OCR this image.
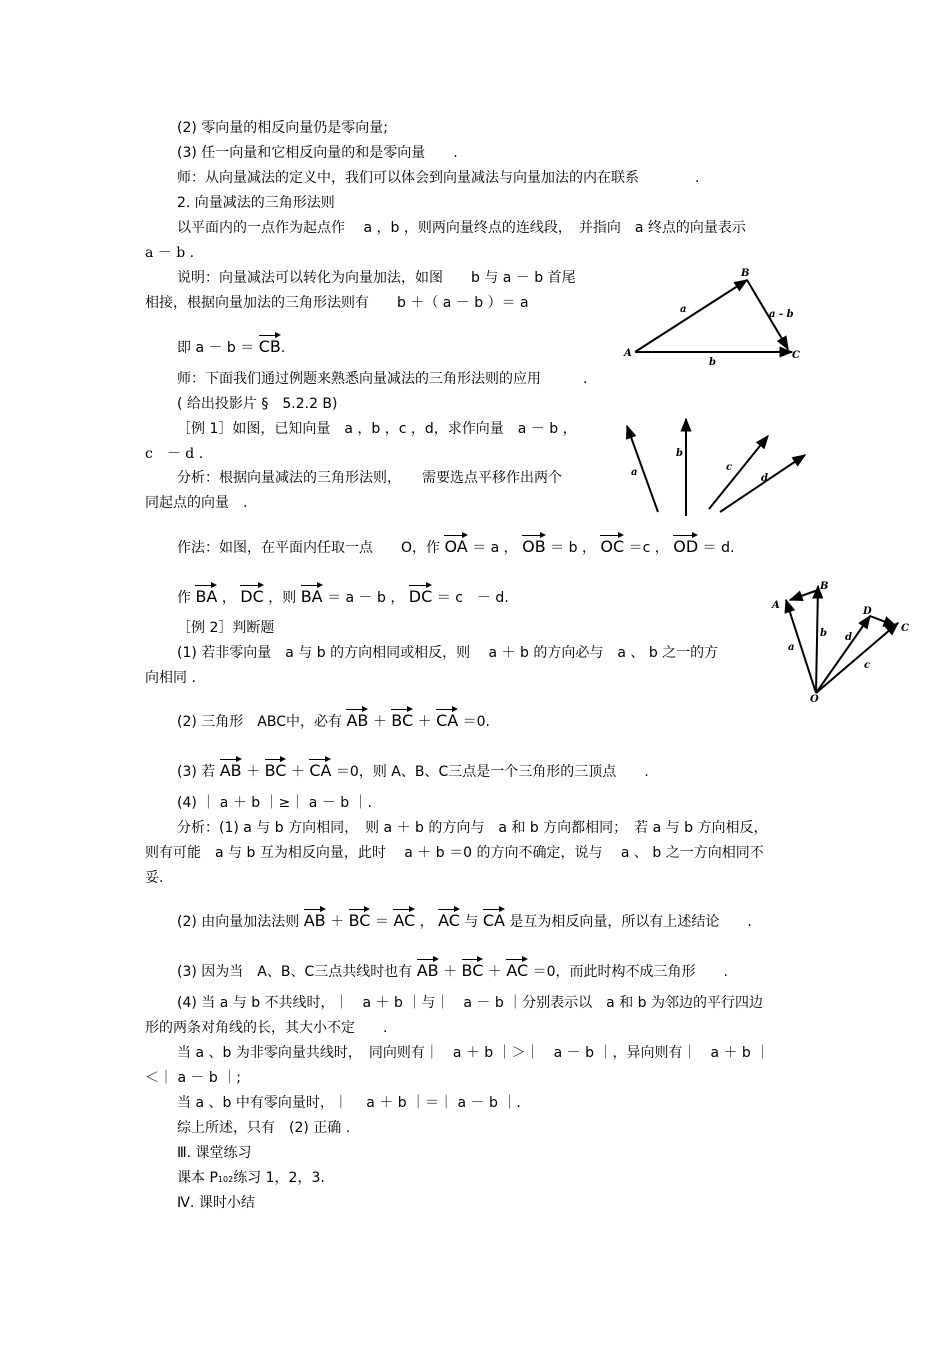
(2) 零向量的相反向量仍是零向量;
(3) 任一向量和它相反向量的和是零向量　　.
师：从向量减法的定义中，我们可以体会到向量减法与向量加法的内在联系　　　　.
2. 向量减法的三角形法则
以平面内的一点作为起点作　 a ，b ，则两向量终点的连线段，　并指向　a 终点的向量表示
a － b .
说明：向量减法可以转化为向量加法，如图　　b 与 a － b 首尾
相接，根据向量加法的三角形法则有　　b ＋（ a － b ）＝ a
即 a － b ＝ CB.
师：下面我们通过例题来熟悉向量减法的三角形法则的应用　　　.
( 给出投影片 §　5.2.2 B)
［例 1］如图，已知向量　a ，b ，c ，d，求作向量　a － b ，
c　－ d .
分析：根据向量减法的三角形法则，　　需要选点平移作出两个
同起点的向量　.
作法：如图，在平面内任取一点　　O，作 OA ＝ a ， OB ＝ b ， OC ＝c ， OD ＝ d.
作 BA ， DC ，则 BA ＝ a － b ， DC ＝ c　－ d.
［例 2］判断题
(1) 若非零向量　a 与 b 的方向相同或相反，则　 a ＋ b 的方向必与　a 、 b 之一的方
向相同 .
(2) 三角形　ABC中，必有 AB ＋ BC ＋ CA ＝0.
(3) 若 AB ＋ BC ＋ CA ＝0，则 A、B、C三点是一个三角形的三顶点　　.
(4) ｜ a ＋ b ｜≥｜ a － b ｜.
分析：(1) a 与 b 方向相同，　则 a ＋ b 的方向与　a 和 b 方向都相同；　若 a 与 b 方向相反，
则有可能　a 与 b 互为相反向量，此时　 a ＋ b ＝0 的方向不确定，说与　 a 、 b 之一方向相同不
妥.
(2) 由向量加法法则 AB ＋ BC ＝ AC ， AC 与 CA 是互为相反向量，所以有上述结论　　.
(3) 因为当　A、B、C三点共线时也有 AB ＋ BC ＋ AC ＝0，而此时构不成三角形　　.
(4) 当 a 与 b 不共线时，｜　a ＋ b ｜与｜　a － b ｜分别表示以　a 和 b 为邻边的平行四边
形的两条对角线的长，其大小不定　　.
当 a 、b 为非零向量共线时，　同向则有｜　a ＋ b ｜＞｜　a － b ｜，异向则有｜　a ＋ b ｜
＜｜ a － b ｜;
当 a 、b 中有零向量时，｜　 a ＋ b ｜＝｜ a － b ｜.
综上所述，只有　(2) 正确 .
Ⅲ. 课堂练习
课本 P102练习 1，2，3.
Ⅳ. 课时小结
A
B
C
a
b
a - b
a
b
c
d
A
B
C
D
O
a
b
c
d
